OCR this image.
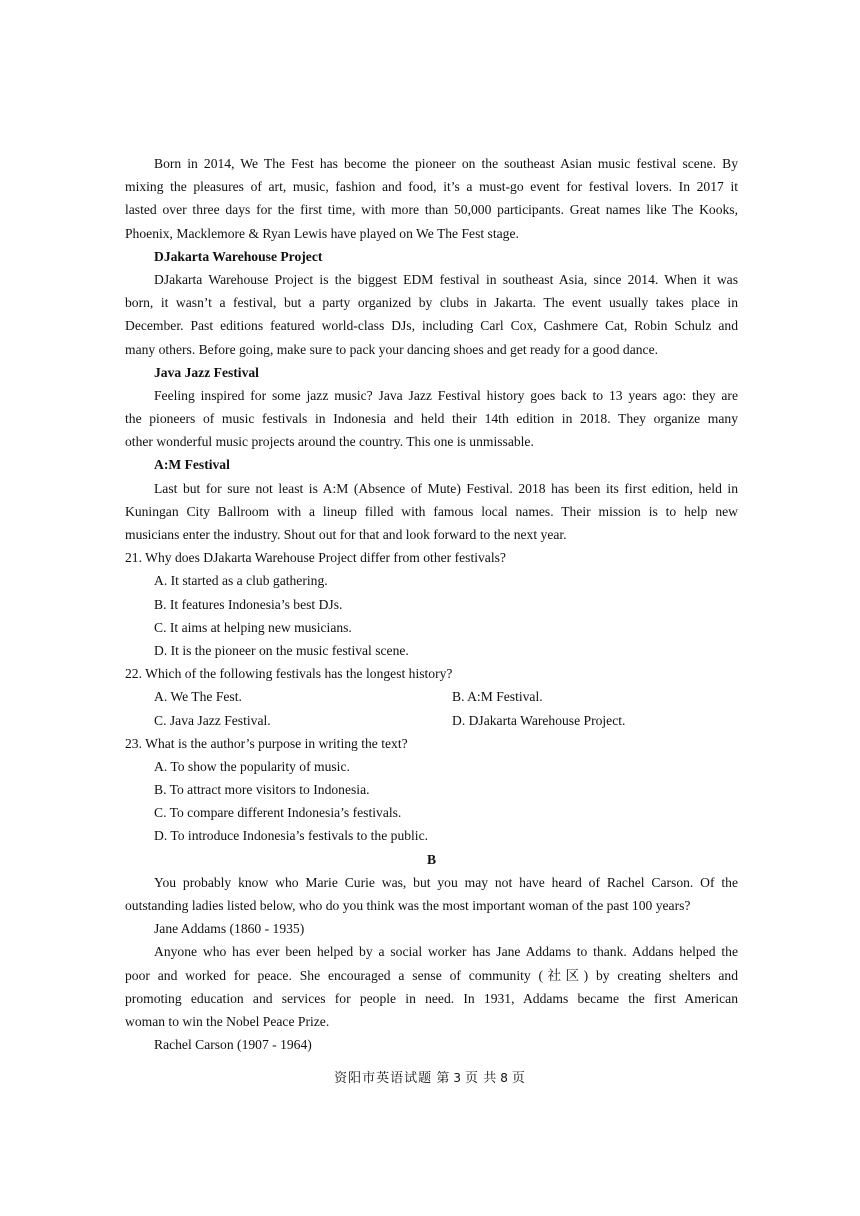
Born in 2014, We The Fest has become the pioneer on the southeast Asian music festival scene. By
mixing the pleasures of art, music, fashion and food, it’s a must-go event for festival lovers. In 2017 it
lasted over three days for the first time, with more than 50,000 participants. Great names like The Kooks,
Phoenix, Macklemore & Ryan Lewis have played on We The Fest stage.
DJakarta Warehouse Project
DJakarta Warehouse Project is the biggest EDM festival in southeast Asia, since 2014. When it was
born, it wasn’t a festival, but a party organized by clubs in Jakarta. The event usually takes place in
December. Past editions featured world-class DJs, including Carl Cox, Cashmere Cat, Robin Schulz and
many others. Before going, make sure to pack your dancing shoes and get ready for a good dance.
Java Jazz Festival
Feeling inspired for some jazz music? Java Jazz Festival history goes back to 13 years ago: they are
the pioneers of music festivals in Indonesia and held their 14th edition in 2018. They organize many
other wonderful music projects around the country. This one is unmissable.
A:M Festival
Last but for sure not least is A:M (Absence of Mute) Festival. 2018 has been its first edition, held in
Kuningan City Ballroom with a lineup filled with famous local names. Their mission is to help new
musicians enter the industry. Shout out for that and look forward to the next year.
21. Why does DJakarta Warehouse Project differ from other festivals?
A. It started as a club gathering.
B. It features Indonesia’s best DJs.
C. It aims at helping new musicians.
D. It is the pioneer on the music festival scene.
22. Which of the following festivals has the longest history?
A. We The Fest.	B. A:M Festival.
C. Java Jazz Festival.	D. DJakarta Warehouse Project.
23. What is the author’s purpose in writing the text?
A. To show the popularity of music.
B. To attract more visitors to Indonesia.
C. To compare different Indonesia’s festivals.
D. To introduce Indonesia’s festivals to the public.
B
You probably know who Marie Curie was, but you may not have heard of Rachel Carson. Of the
outstanding ladies listed below, who do you think was the most important woman of the past 100 years?
Jane Addams (1860 - 1935)
Anyone who has ever been helped by a social worker has Jane Addams to thank. Addans helped the
poor and worked for peace. She encouraged a sense of community (社区) by creating shelters and
promoting education and services for people in need. In 1931, Addams became the first American
woman to win the Nobel Peace Prize.
Rachel Carson (1907 - 1964)
资阳市英语试题 第 3 页 共 8 页
